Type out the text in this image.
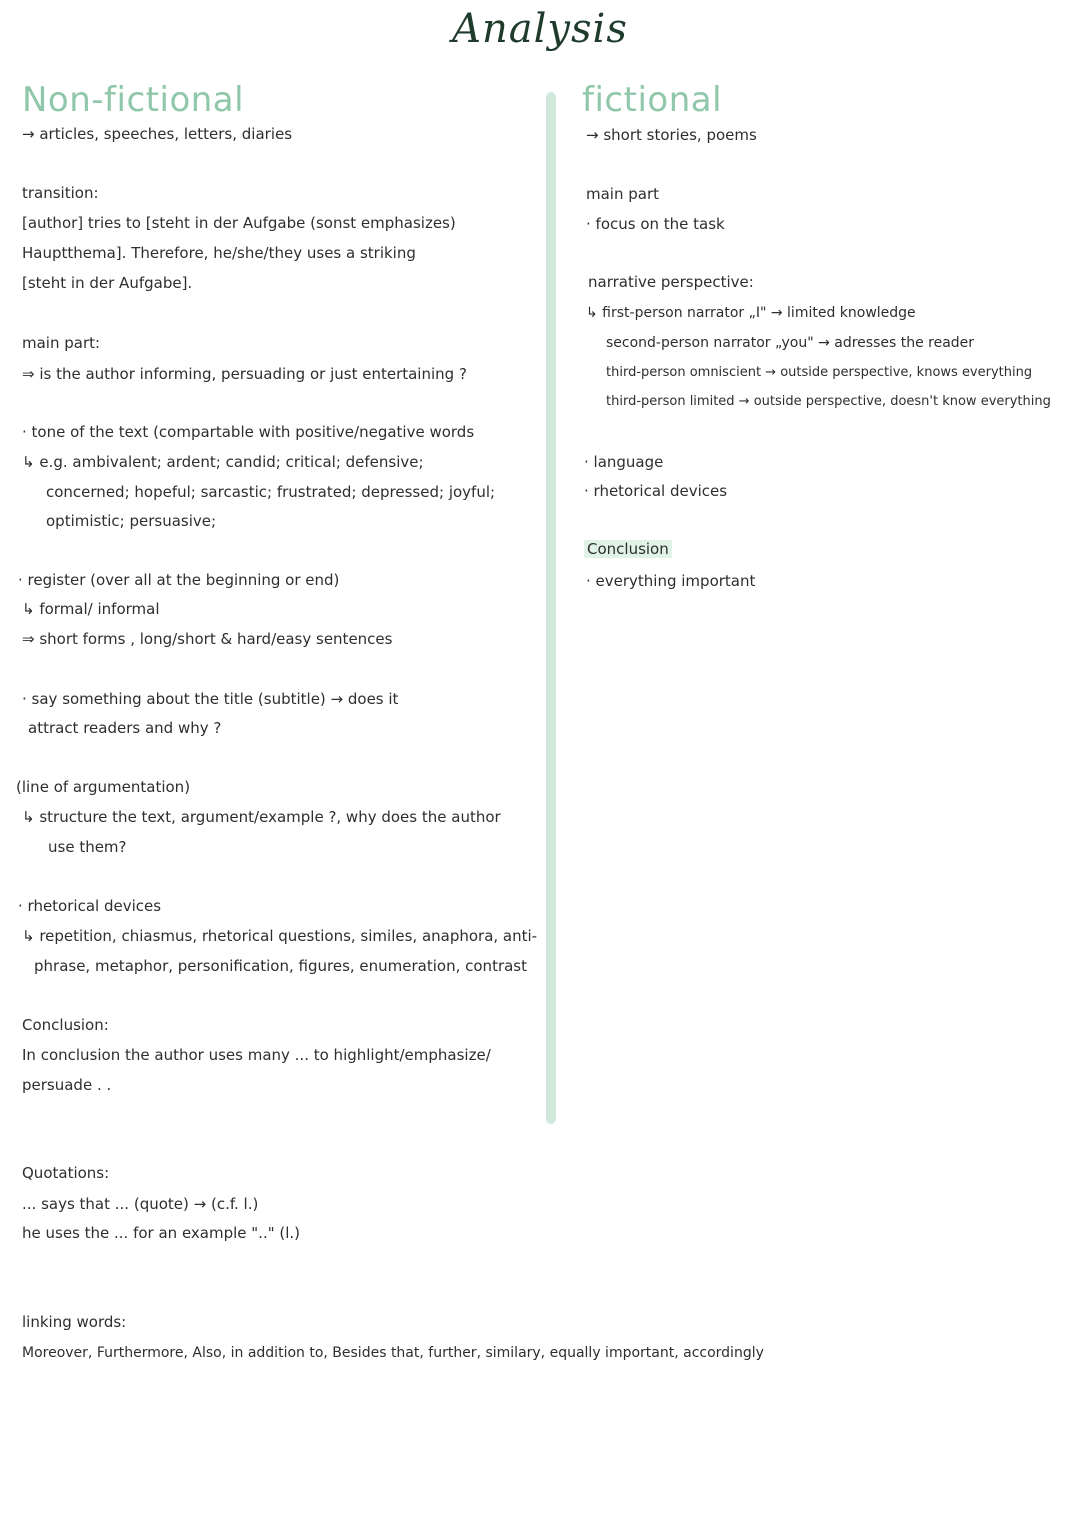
Analysis
Non-fictional
→ articles, speeches, letters, diaries
transition:
[author] tries to [steht in der Aufgabe (sonst emphasizes)
Hauptthema]. Therefore, he/she/they uses a striking
[steht in der Aufgabe].
main part:
⇒ is the author informing, persuading or just entertaining ?
· tone of the text (compartable with positive/negative words
↳ e.g. ambivalent; ardent; candid; critical; defensive;
concerned; hopeful; sarcastic; frustrated; depressed; joyful;
optimistic; persuasive;
· register (over all at the beginning or end)
↳ formal/ informal
⇒ short forms , long/short & hard/easy sentences
· say something about the title (subtitle) → does it
attract readers and why ?
(line of argumentation)
↳ structure the text, argument/example ?, why does the author
use them?
· rhetorical devices
↳ repetition, chiasmus, rhetorical questions, similes, anaphora, anti-
phrase, metaphor, personification, figures, enumeration, contrast
Conclusion:
In conclusion the author uses many ... to highlight/emphasize/
persuade . .
Quotations:
... says that ... (quote) → (c.f. l.)
he uses the ... for an example ".." (l.)
fictional
→ short stories, poems
main part
· focus on the task
narrative perspective:
↳ first-person narrator „I" → limited knowledge
second-person narrator „you" → adresses the reader
third-person omniscient → outside perspective, knows everything
third-person limited → outside perspective, doesn't know everything
· language
· rhetorical devices
Conclusion
· everything important
linking words:
Moreover, Furthermore, Also, in addition to, Besides that, further, similary, equally important, accordingly
